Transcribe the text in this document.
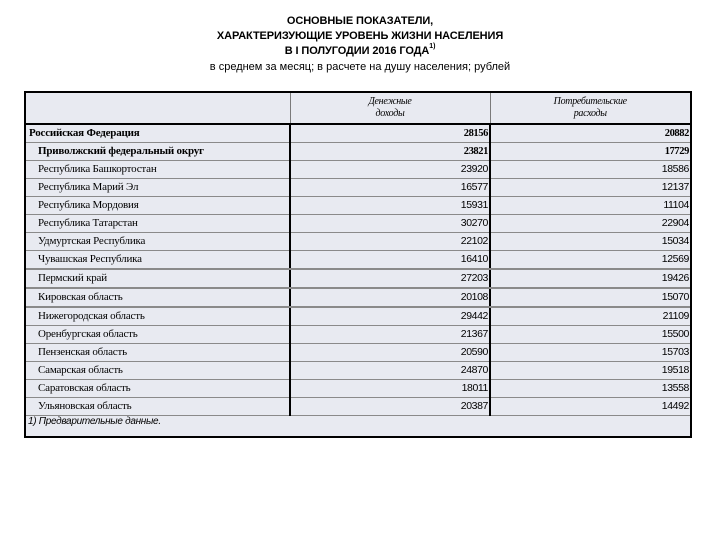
ОСНОВНЫЕ ПОКАЗАТЕЛИ,
ХАРАКТЕРИЗУЮЩИЕ УРОВЕНЬ ЖИЗНИ НАСЕЛЕНИЯ
В I ПОЛУГОДИИ 2016 ГОДА$^{1)}$
в среднем за месяц; в расчете на душу населения; рублей

Денежные
доходы

Потребительские
расходы

Российская Федерация	28156	20882
Приволжский федеральный округ	23821	17729
Республика Башкортостан	23920	18586
Республика Марий Эл	16577	12137
Республика Мордовия	15931	11104
Республика Татарстан	30270	22904
Удмуртская Республика	22102	15034
Чувашская Республика	16410	12569
Пермский край	27203	19426
Кировская область	20108	15070
Нижегородская область	29442	21109
Оренбургская область	21367	15500
Пензенская область	20590	15703
Самарская область	24870	19518
Саратовская область	18011	13558
Ульяновская область	20387	14492
1) Предварительные данные.		
